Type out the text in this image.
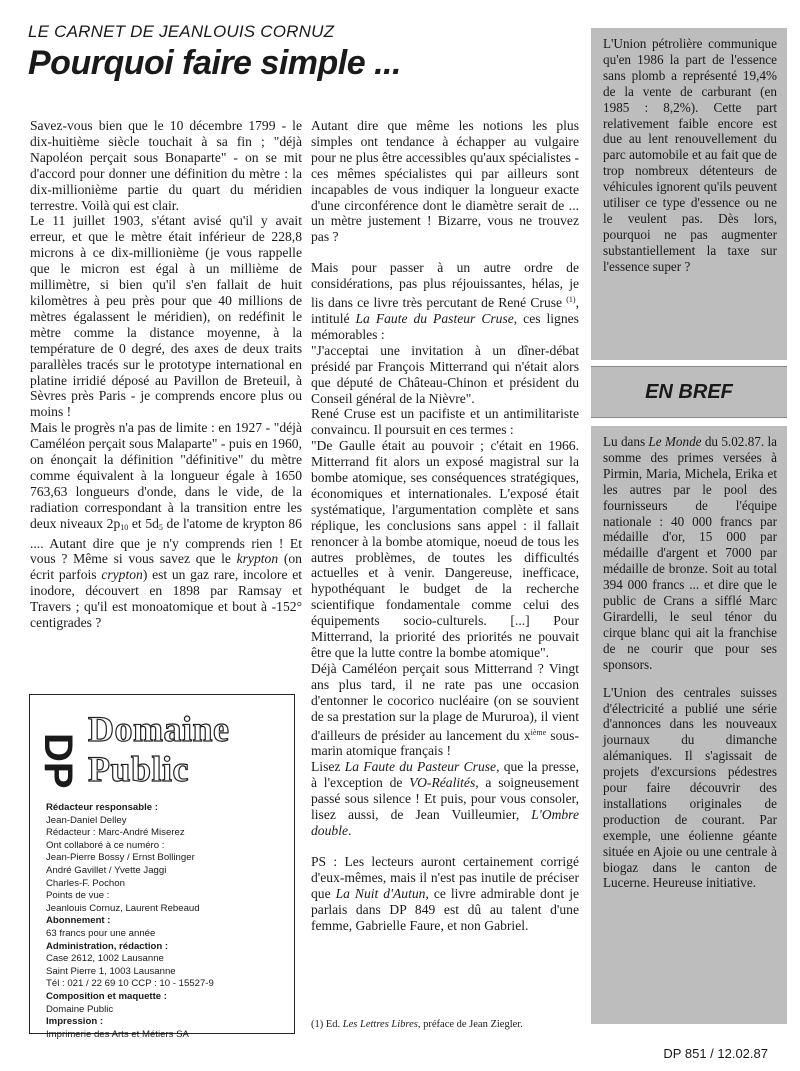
LE CARNET DE JEANLOUIS CORNUZ
Pourquoi faire simple ...

Savez-vous bien que le 10 décembre 1799 - le dix-huitième siècle touchait à sa fin ; "déjà Napoléon perçait sous Bonaparte" - on se mit d'accord pour donner une définition du mètre : la dix-millionième partie du quart du méridien terrestre. Voilà qui est clair.

Le 11 juillet 1903, s'étant avisé qu'il y avait erreur, et que le mètre était inférieur de 228,8 microns à ce dix-millionième (je vous rappelle que le micron est égal à un millième de millimètre, si bien qu'il s'en fallait de huit kilomètres à peu près pour que 40 millions de mètres égalassent le méridien), on redéfinit le mètre comme la distance moyenne, à la température de 0 degré, des axes de deux traits parallèles tracés sur le prototype international en platine irridié déposé au Pavillon de Breteuil, à Sèvres près Paris - je comprends encore plus ou moins !

Mais le progrès n'a pas de limite : en 1927 - "déjà Caméléon perçait sous Malaparte" - puis en 1960, on énonçait la définition "définitive" du mètre comme équivalent à la longueur égale à 1650 763,63 longueurs d'onde, dans le vide, de la radiation correspondant à la transition entre les deux niveaux $2p_{10}$ et $5d_5$ de l'atome de krypton 86 .... Autant dire que je n'y comprends rien ! Et vous ? Même si vous savez que le krypton (on écrit parfois crypton) est un gaz rare, incolore et inodore, découvert en 1898 par Ramsay et Travers ; qu'il est monoatomique et bout à -152° centigrades ?

DP
Domaine
Public
Rédacteur responsable :
Jean-Daniel Delley
Rédacteur : Marc-André Miserez
Ont collaboré à ce numéro :
Jean-Pierre Bossy / Ernst Bollinger
André Gavillet / Yvette Jaggi
Charles-F. Pochon
Points de vue :
Jeanlouis Cornuz, Laurent Rebeaud
Abonnement :
63 francs pour une année
Administration, rédaction :
Case 2612, 1002 Lausanne
Saint Pierre 1, 1003 Lausanne
Tél : 021 / 22 69 10 CCP : 10 - 15527-9
Composition et maquette :
Domaine Public
Impression :
Imprimerie des Arts et Métiers SA

Autant dire que même les notions les plus simples ont tendance à échapper au vulgaire pour ne plus être accessibles qu'aux spécialistes - ces mêmes spécialistes qui par ailleurs sont incapables de vous indiquer la longueur exacte d'une circonférence dont le diamètre serait de ... un mètre justement ! Bizarre, vous ne trouvez pas ?

Mais pour passer à un autre ordre de considérations, pas plus réjouissantes, hélas, je lis dans ce livre très percutant de René Cruse $^{(1)}$, intitulé La Faute du Pasteur Cruse, ces lignes mémorables :

"J'acceptai une invitation à un dîner-débat présidé par François Mitterrand qui n'était alors que député de Château-Chinon et président du Conseil général de la Nièvre".

René Cruse est un pacifiste et un antimilitariste convaincu. Il poursuit en ces termes :

"De Gaulle était au pouvoir ; c'était en 1966. Mitterrand fit alors un exposé magistral sur la bombe atomique, ses conséquences stratégiques, économiques et internationales. L'exposé était systématique, l'argumentation complète et sans réplique, les conclusions sans appel : il fallait renoncer à la bombe atomique, noeud de tous les autres problèmes, de toutes les difficultés actuelles et à venir. Dangereuse, inefficace, hypothéquant le budget de la recherche scientifique fondamentale comme celui des équipements socio-culturels. [...] Pour Mitterrand, la priorité des priorités ne pouvait être que la lutte contre la bombe atomique".

Déjà Caméléon perçait sous Mitterrand ? Vingt ans plus tard, il ne rate pas une occasion d'entonner le cocorico nucléaire (on se souvient de sa prestation sur la plage de Mururoa), il vient d'ailleurs de présider au lancement du $x^{ième}$ sous-marin atomique français !

Lisez La Faute du Pasteur Cruse, que la presse, à l'exception de VO-Réalités, a soigneusement passé sous silence ! Et puis, pour vous consoler, lisez aussi, de Jean Vuilleumier, L'Ombre double.

PS : Les lecteurs auront certainement corrigé d'eux-mêmes, mais il n'est pas inutile de préciser que La Nuit d'Autun, ce livre admirable dont je parlais dans DP 849 est dû au talent d'une femme, Gabrielle Faure, et non Gabriel.

(1) Ed. Les Lettres Libres, préface de Jean Ziegler.
L'Union pétrolière communique qu'en 1986 la part de l'essence sans plomb a représenté 19,4% de la vente de carburant (en 1985 : 8,2%). Cette part relativement faible encore est due au lent renouvellement du parc automobile et au fait que de trop nombreux détenteurs de véhicules ignorent qu'ils peuvent utiliser ce type d'essence ou ne le veulent pas. Dès lors, pourquoi ne pas augmenter substantiellement la taxe sur l'essence super ?
EN BREF

Lu dans Le Monde du 5.02.87. la somme des primes versées à Pirmin, Maria, Michela, Erika et les autres par le pool des fournisseurs de l'équipe nationale : 40 000 francs par médaille d'or, 15 000 par médaille d'argent et 7000 par médaille de bronze. Soit au total 394 000 francs ... et dire que le public de Crans a sifflé Marc Girardelli, le seul ténor du cirque blanc qui ait la franchise de ne courir que pour ses sponsors.

L'Union des centrales suisses d'électricité a publié une série d'annonces dans les nouveaux journaux du dimanche alémaniques. Il s'agissait de projets d'excursions pédestres pour faire découvrir des installations originales de production de courant. Par exemple, une éolienne géante située en Ajoie ou une centrale à biogaz dans le canton de Lucerne. Heureuse initiative.

DP 851 / 12.02.87
